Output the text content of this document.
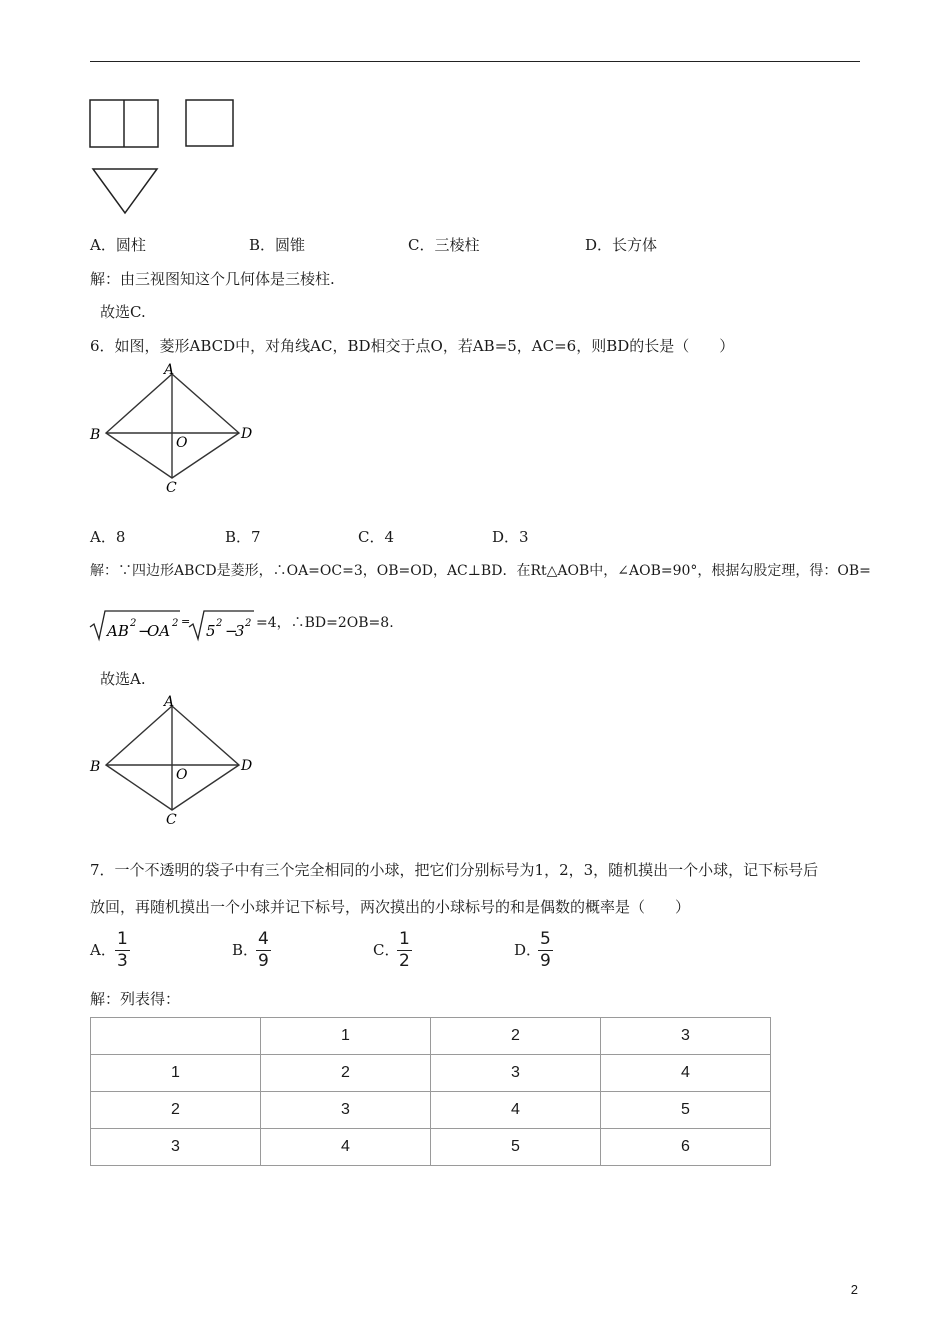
A．圆柱	B．圆锥	C．三棱柱	D．长方体
解：由三视图知这个几何体是三棱柱.
故选C.
6．如图，菱形ABCD中，对角线AC，BD相交于点O，若AB=5，AC=6，则BD的长是（　　）
A
B
C
D
O
A．8	B．7	C．4	D．3
解：∵四边形ABCD是菱形，∴OA=OC=3，OB=OD，AC⊥BD．在Rt△AOB中，∠AOB=90°，根据勾股定理，得：OB=
AB 2 −
OA 2 =
5 2 −
3 2 =4，∴BD=2OB=8.
故选A.
A
B
C
D
O
7．一个不透明的袋子中有三个完全相同的小球，把它们分别标号为1，2，3，随机摸出一个小球，记下标号后
放回，再随机摸出一个小球并记下标号，两次摸出的小球标号的和是偶数的概率是（　　）
A． $\frac{1}{3}$	B．
$\frac{4}{9}$	C．
$\frac{1}{2}$	D．
$\frac{5}{9}$
解：列表得：
	1	2	3
1	2	3	4
2	3	4	5
3	4	5	6
2
